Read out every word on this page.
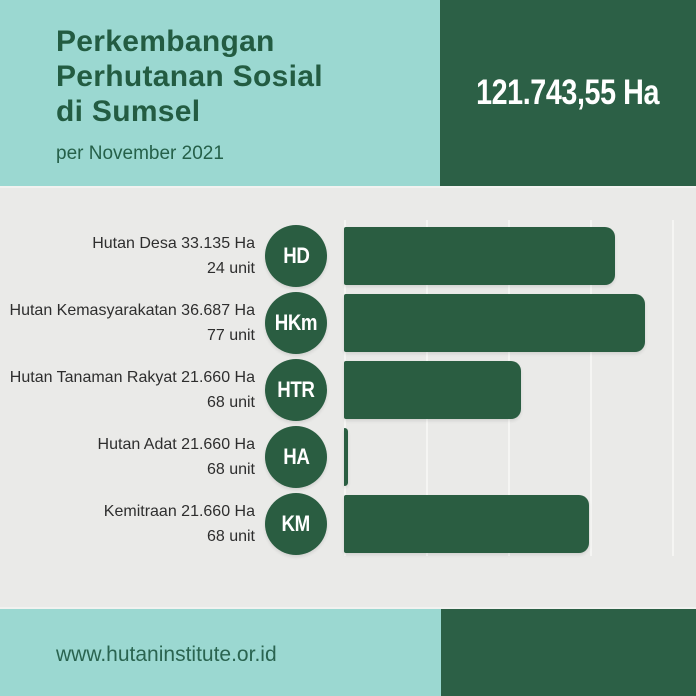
Perkembangan
Perhutanan Sosial
di Sumsel

per November 2021

121.743,55 Ha
Hutan Desa 33.135 Ha
24 unit
HD
Hutan Kemasyarakatan 36.687 Ha
77 unit
HKm
Hutan Tanaman Rakyat 21.660 Ha
68 unit
HTR
Hutan Adat 21.660 Ha
68 unit
HA
Kemitraan 21.660 Ha
68 unit
KM
www.hutaninstitute.or.id
